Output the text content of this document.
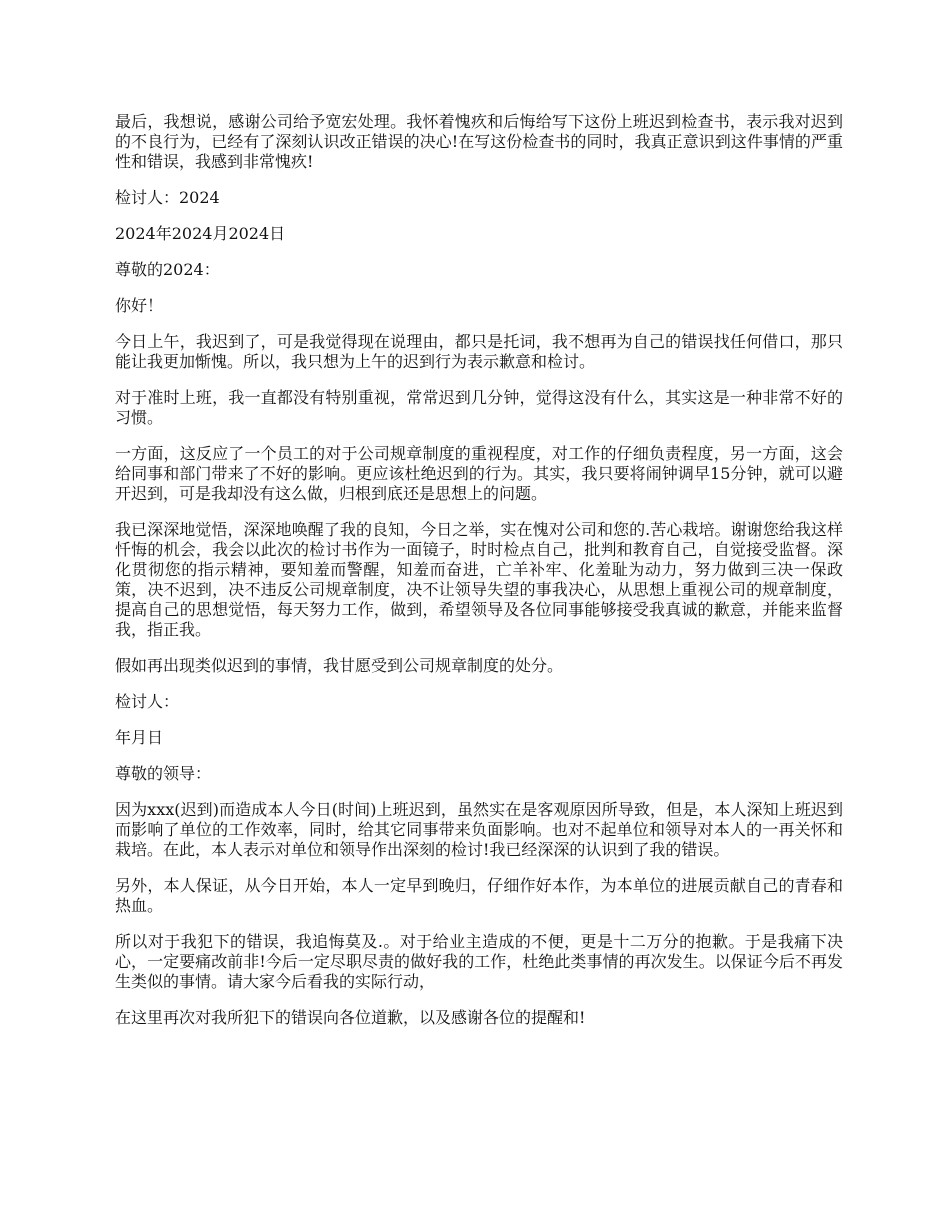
最后，我想说，感谢公司给予宽宏处理。我怀着愧疚和后悔给写下这份上班迟到检查书，表示我对迟到的不良行为，已经有了深刻认识改正错误的决心!在写这份检查书的同时，我真正意识到这件事情的严重性和错误，我感到非常愧疚!

检讨人：2024

2024年2024月2024日

尊敬的2024：

你好！

今日上午，我迟到了，可是我觉得现在说理由，都只是托词，我不想再为自己的错误找任何借口，那只能让我更加惭愧。所以，我只想为上午的迟到行为表示歉意和检讨。

对于准时上班，我一直都没有特别重视，常常迟到几分钟，觉得这没有什么，其实这是一种非常不好的习惯。

一方面，这反应了一个员工的对于公司规章制度的重视程度，对工作的仔细负责程度，另一方面，这会给同事和部门带来了不好的影响。更应该杜绝迟到的行为。其实，我只要将闹钟调早15分钟，就可以避开迟到，可是我却没有这么做，归根到底还是思想上的问题。

我已深深地觉悟，深深地唤醒了我的良知，今日之举，实在愧对公司和您的.苦心栽培。谢谢您给我这样忏悔的机会，我会以此次的检讨书作为一面镜子，时时检点自己，批判和教育自己，自觉接受监督。深化贯彻您的指示精神，要知羞而警醒，知羞而奋进，亡羊补牢、化羞耻为动力，努力做到三决一保政策，决不迟到，决不违反公司规章制度，决不让领导失望的事我决心，从思想上重视公司的规章制度，提高自己的思想觉悟，每天努力工作，做到，希望领导及各位同事能够接受我真诚的歉意，并能来监督我，指正我。

假如再出现类似迟到的事情，我甘愿受到公司规章制度的处分。

检讨人：

年月日

尊敬的领导：

因为xxx(迟到)而造成本人今日(时间)上班迟到，虽然实在是客观原因所导致，但是，本人深知上班迟到而影响了单位的工作效率，同时，给其它同事带来负面影响。也对不起单位和领导对本人的一再关怀和栽培。在此，本人表示对单位和领导作出深刻的检讨!我已经深深的认识到了我的错误。

另外，本人保证，从今日开始，本人一定早到晚归，仔细作好本作，为本单位的进展贡献自己的青春和热血。

所以对于我犯下的错误，我追悔莫及.。对于给业主造成的不便，更是十二万分的抱歉。于是我痛下决心，一定要痛改前非!今后一定尽职尽责的做好我的工作，杜绝此类事情的再次发生。以保证今后不再发生类似的事情。请大家今后看我的实际行动，

在这里再次对我所犯下的错误向各位道歉，以及感谢各位的提醒和!
